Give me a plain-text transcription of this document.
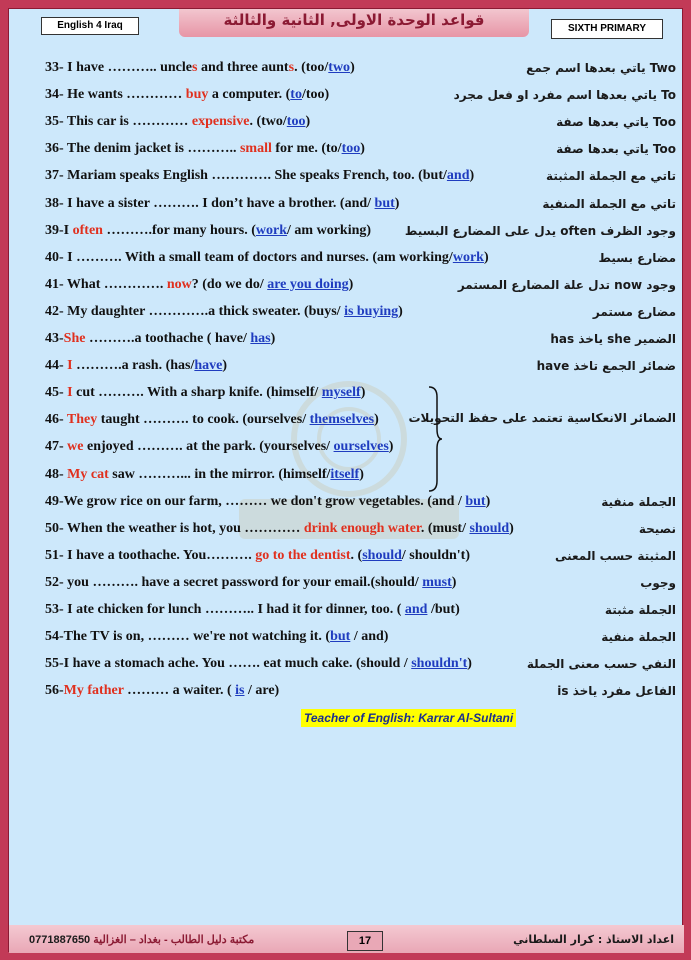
قواعد الوحدة الاولى, الثانية والثالثة
English 4 Iraq	SIXTH PRIMARY
33- I have ……….. uncles and three aunts. (too/two)	Two ياتي بعدها اسم جمع
34- He wants ………… buy a computer. (to/too)	To ياتي بعدها اسم مفرد او فعل مجرد
35- This car is ………… expensive. (two/too)	Too ياتي بعدها صفة
36- The denim jacket is ……….. small for me. (to/too)	Too ياتي بعدها صفة
37- Mariam speaks English …………. She speaks French, too. (but/and)	تاتي مع الجملة المثبتة
38- I have a sister ………. I don’t have a brother. (and/ but)	تاتي مع الجملة المنفية
39-I often ……….for many hours. (work/ am working)	وجود الظرف often يدل على المضارع البسيط
40- I ………. With a small team of doctors and nurses. (am working/work)	مضارع بسيط
41- What …………. now? (do we do/ are you doing)	وجود now تدل علة المضارع المستمر
42- My daughter ………….a thick sweater. (buys/ is buying)	مضارع مستمر
43-She ……….a toothache ( have/ has)	الضمير she ياخذ has
44- I ……….a rash. (has/have)	ضمائر الجمع تاخذ have
45- I cut ………. With a sharp knife. (himself/ myself)
46- They taught ………. to cook. (ourselves/ themselves) الضمائر الانعكاسية تعتمد على حفظ التحويلات
47- we enjoyed ………. at the park. (yourselves/ ourselves)
48- My cat saw ………... in the mirror. (himself/itself)
49-We grow rice on our farm, ……… we don't grow vegetables. (and / but)	الجملة منفية
50- When the weather is hot, you ………… drink enough water. (must/ should)	نصيحة
51- I have a toothache. You………. go to the dentist. (should/ shouldn't)	المثبتة حسب المعنى
52- you ………. have a secret password for your email.(should/ must)	وجوب
53- I ate chicken for lunch ……….. I had it for dinner, too. ( and /but)	الجملة مثبتة
54-The TV is on, ……… we're not watching it. (but / and)	الجملة منفية
55-I have a stomach ache. You ……. eat much cake. (should / shouldn't)	النفي حسب معنى الجملة
56-My father ……… a waiter. ( is / are)	الفاعل مفرد ياخذ is
Teacher of English: Karrar Al-Sultani
0771887650 مكتبة دليل الطالب - بغداد – الغزالية	17	اعداد الاستاذ : كرار السلطاني
